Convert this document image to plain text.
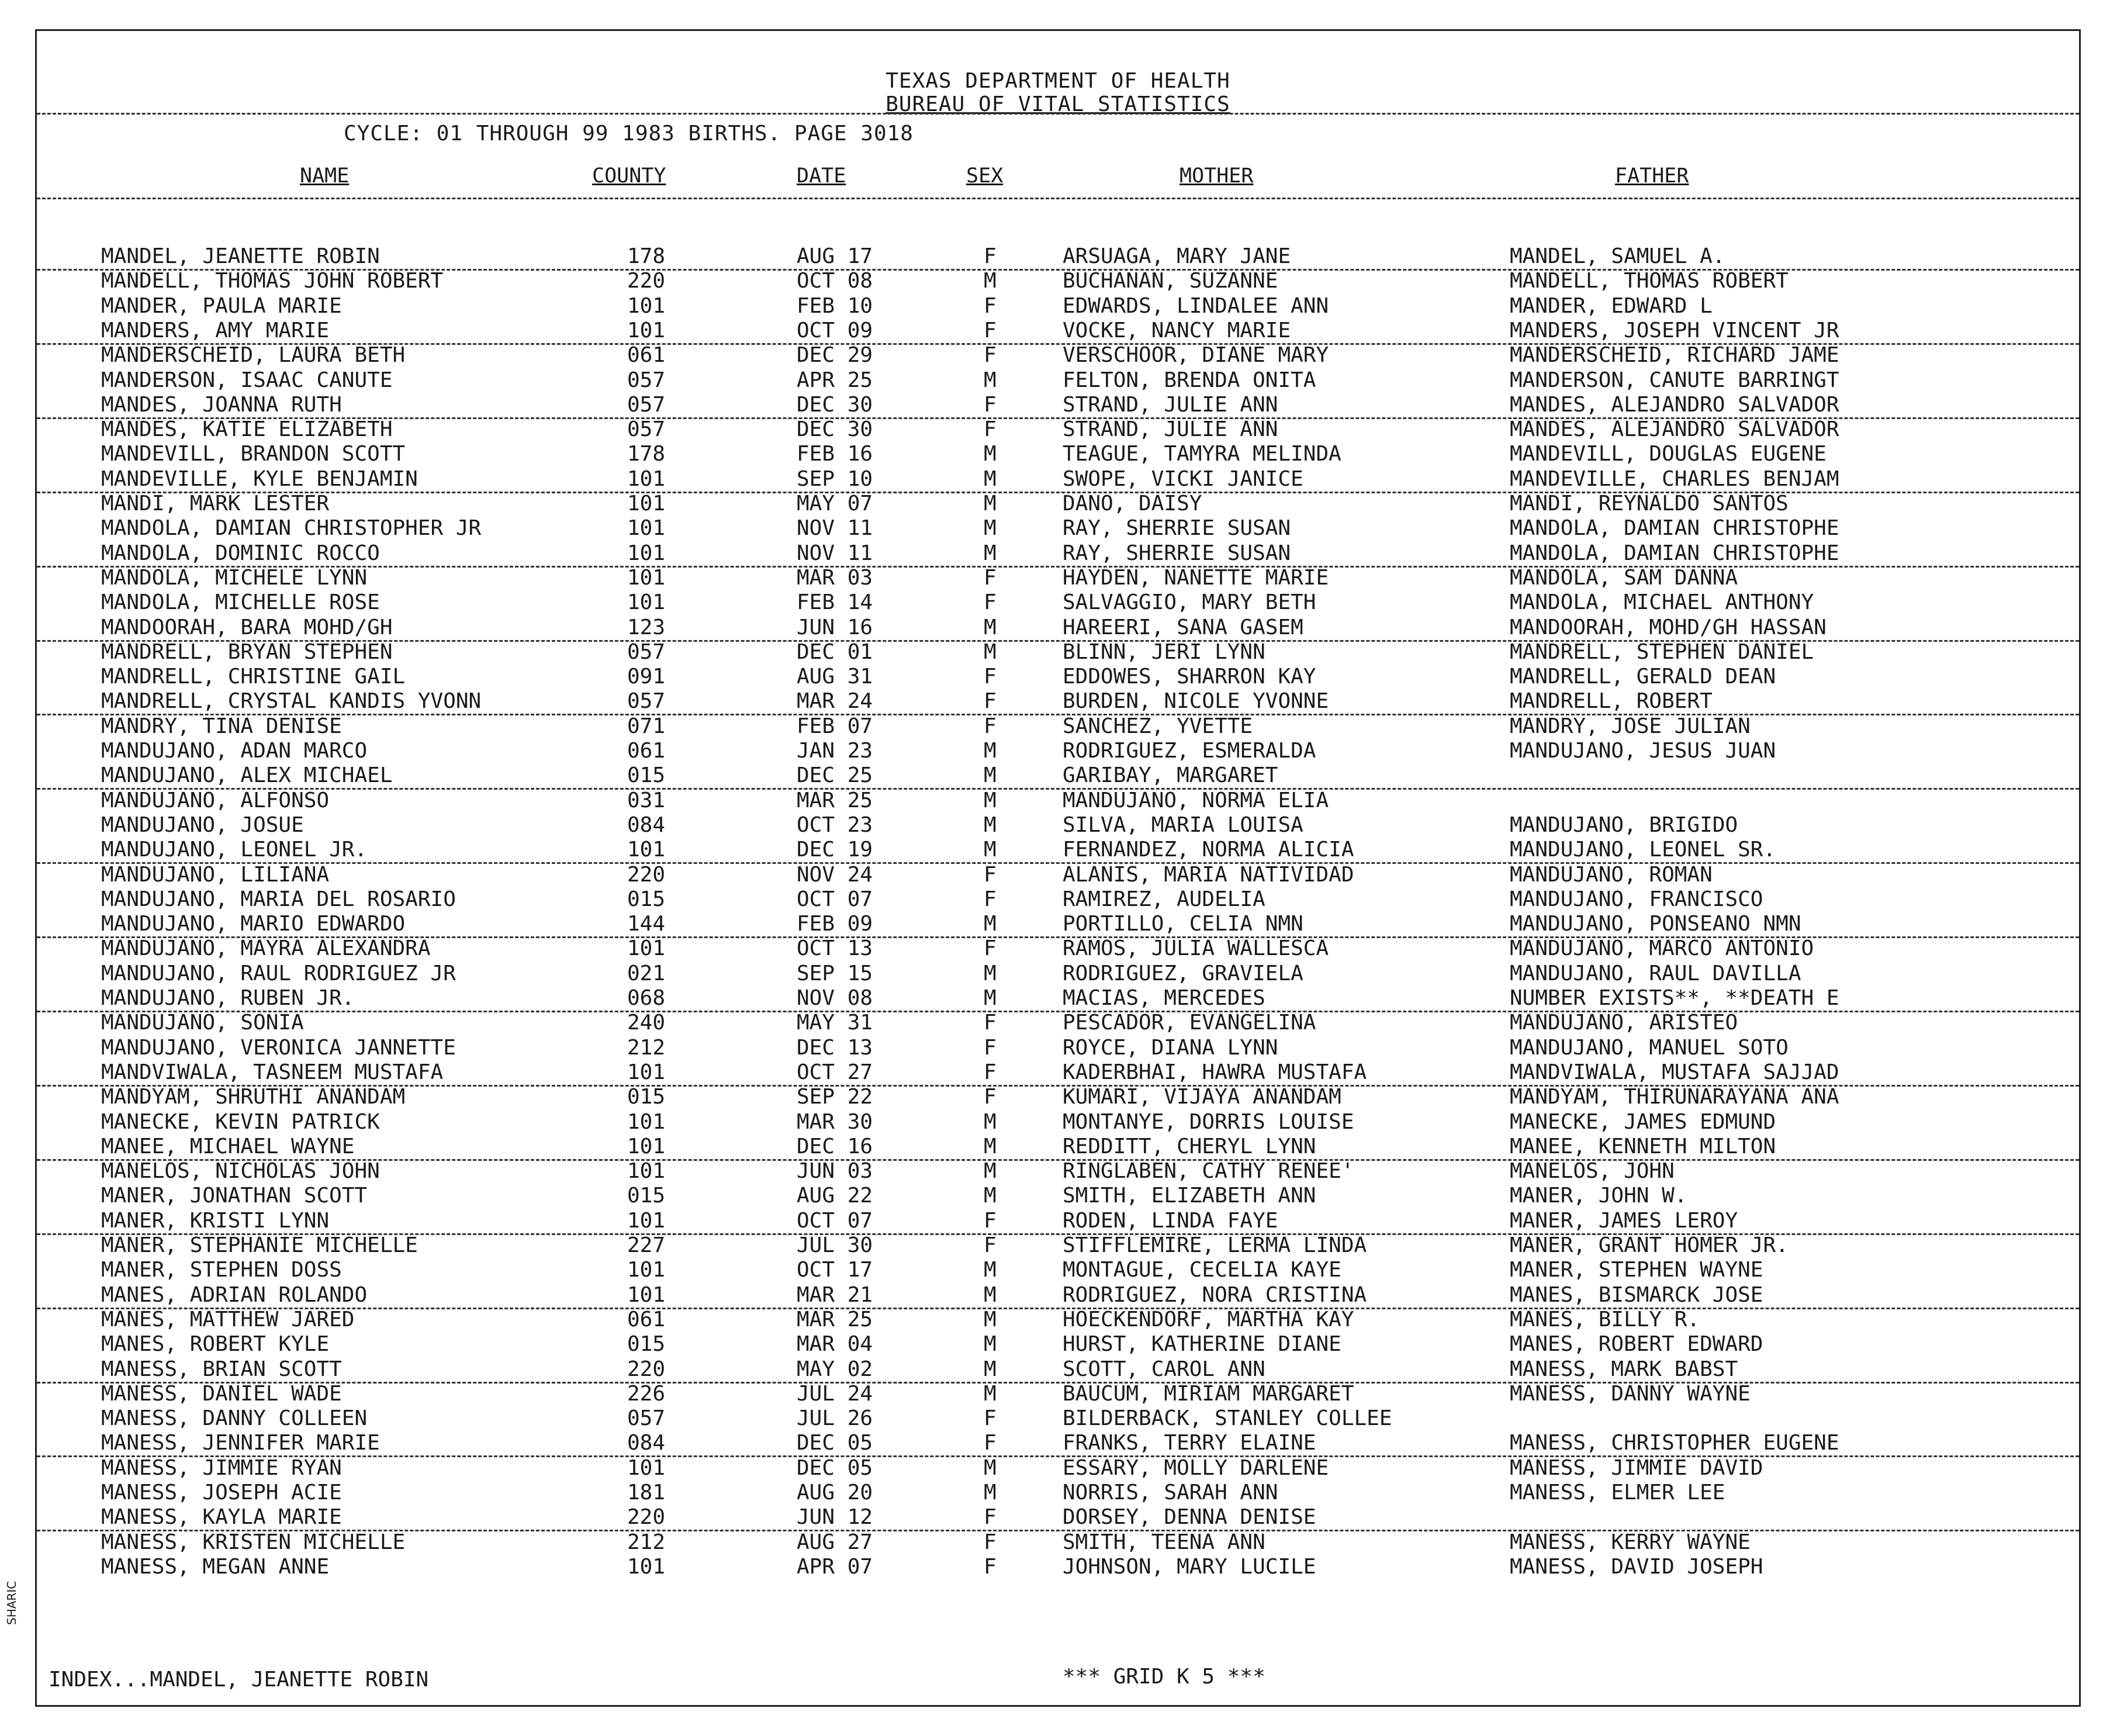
TEXAS DEPARTMENT OF HEALTH
BUREAU OF VITAL STATISTICS
CYCLE: 01 THROUGH 99 1983 BIRTHS. PAGE 3018
NAME	COUNTY	DATE	SEX	MOTHER	FATHER
MANDEL, JEANETTE ROBIN	178	AUG 17	F	ARSUAGA, MARY JANE	MANDEL, SAMUEL A.
MANDELL, THOMAS JOHN ROBERT	220	OCT 08	M	BUCHANAN, SUZANNE	MANDELL, THOMAS ROBERT
MANDER, PAULA MARIE	101	FEB 10	F	EDWARDS, LINDALEE ANN	MANDER, EDWARD L
MANDERS, AMY MARIE	101	OCT 09	F	VOCKE, NANCY MARIE	MANDERS, JOSEPH VINCENT JR
MANDERSCHEID, LAURA BETH	061	DEC 29	F	VERSCHOOR, DIANE MARY	MANDERSCHEID, RICHARD JAME
MANDERSON, ISAAC CANUTE	057	APR 25	M	FELTON, BRENDA ONITA	MANDERSON, CANUTE BARRINGT
MANDES, JOANNA RUTH	057	DEC 30	F	STRAND, JULIE ANN	MANDES, ALEJANDRO SALVADOR
MANDES, KATIE ELIZABETH	057	DEC 30	F	STRAND, JULIE ANN	MANDES, ALEJANDRO SALVADOR
MANDEVILL, BRANDON SCOTT	178	FEB 16	M	TEAGUE, TAMYRA MELINDA	MANDEVILL, DOUGLAS EUGENE
MANDEVILLE, KYLE BENJAMIN	101	SEP 10	M	SWOPE, VICKI JANICE	MANDEVILLE, CHARLES BENJAM
MANDI, MARK LESTER	101	MAY 07	M	DANO, DAISY	MANDI, REYNALDO SANTOS
MANDOLA, DAMIAN CHRISTOPHER JR	101	NOV 11	M	RAY, SHERRIE SUSAN	MANDOLA, DAMIAN CHRISTOPHE
MANDOLA, DOMINIC ROCCO	101	NOV 11	M	RAY, SHERRIE SUSAN	MANDOLA, DAMIAN CHRISTOPHE
MANDOLA, MICHELE LYNN	101	MAR 03	F	HAYDEN, NANETTE MARIE	MANDOLA, SAM DANNA
MANDOLA, MICHELLE ROSE	101	FEB 14	F	SALVAGGIO, MARY BETH	MANDOLA, MICHAEL ANTHONY
MANDOORAH, BARA MOHD/GH	123	JUN 16	M	HAREERI, SANA GASEM	MANDOORAH, MOHD/GH HASSAN
MANDRELL, BRYAN STEPHEN	057	DEC 01	M	BLINN, JERI LYNN	MANDRELL, STEPHEN DANIEL
MANDRELL, CHRISTINE GAIL	091	AUG 31	F	EDDOWES, SHARRON KAY	MANDRELL, GERALD DEAN
MANDRELL, CRYSTAL KANDIS YVONN	057	MAR 24	F	BURDEN, NICOLE YVONNE	MANDRELL, ROBERT
MANDRY, TINA DENISE	071	FEB 07	F	SANCHEZ, YVETTE	MANDRY, JOSE JULIAN
MANDUJANO, ADAN MARCO	061	JAN 23	M	RODRIGUEZ, ESMERALDA	MANDUJANO, JESUS JUAN
MANDUJANO, ALEX MICHAEL	015	DEC 25	M	GARIBAY, MARGARET
MANDUJANO, ALFONSO	031	MAR 25	M	MANDUJANO, NORMA ELIA
MANDUJANO, JOSUE	084	OCT 23	M	SILVA, MARIA LOUISA	MANDUJANO, BRIGIDO
MANDUJANO, LEONEL JR.	101	DEC 19	M	FERNANDEZ, NORMA ALICIA	MANDUJANO, LEONEL SR.
MANDUJANO, LILIANA	220	NOV 24	F	ALANIS, MARIA NATIVIDAD	MANDUJANO, ROMAN
MANDUJANO, MARIA DEL ROSARIO	015	OCT 07	F	RAMIREZ, AUDELIA	MANDUJANO, FRANCISCO
MANDUJANO, MARIO EDWARDO	144	FEB 09	M	PORTILLO, CELIA NMN	MANDUJANO, PONSEANO NMN
MANDUJANO, MAYRA ALEXANDRA	101	OCT 13	F	RAMOS, JULIA WALLESCA	MANDUJANO, MARCO ANTONIO
MANDUJANO, RAUL RODRIGUEZ JR	021	SEP 15	M	RODRIGUEZ, GRAVIELA	MANDUJANO, RAUL DAVILLA
MANDUJANO, RUBEN JR.	068	NOV 08	M	MACIAS, MERCEDES	NUMBER EXISTS**, **DEATH E
MANDUJANO, SONIA	240	MAY 31	F	PESCADOR, EVANGELINA	MANDUJANO, ARISTEO
MANDUJANO, VERONICA JANNETTE	212	DEC 13	F	ROYCE, DIANA LYNN	MANDUJANO, MANUEL SOTO
MANDVIWALA, TASNEEM MUSTAFA	101	OCT 27	F	KADERBHAI, HAWRA MUSTAFA	MANDVIWALA, MUSTAFA SAJJAD
MANDYAM, SHRUTHI ANANDAM	015	SEP 22	F	KUMARI, VIJAYA ANANDAM	MANDYAM, THIRUNARAYANA ANA
MANECKE, KEVIN PATRICK	101	MAR 30	M	MONTANYE, DORRIS LOUISE	MANECKE, JAMES EDMUND
MANEE, MICHAEL WAYNE	101	DEC 16	M	REDDITT, CHERYL LYNN	MANEE, KENNETH MILTON
MANELOS, NICHOLAS JOHN	101	JUN 03	M	RINGLABEN, CATHY RENEE'	MANELOS, JOHN
MANER, JONATHAN SCOTT	015	AUG 22	M	SMITH, ELIZABETH ANN	MANER, JOHN W.
MANER, KRISTI LYNN	101	OCT 07	F	RODEN, LINDA FAYE	MANER, JAMES LEROY
MANER, STEPHANIE MICHELLE	227	JUL 30	F	STIFFLEMIRE, LERMA LINDA	MANER, GRANT HOMER JR.
MANER, STEPHEN DOSS	101	OCT 17	M	MONTAGUE, CECELIA KAYE	MANER, STEPHEN WAYNE
MANES, ADRIAN ROLANDO	101	MAR 21	M	RODRIGUEZ, NORA CRISTINA	MANES, BISMARCK JOSE
MANES, MATTHEW JARED	061	MAR 25	M	HOECKENDORF, MARTHA KAY	MANES, BILLY R.
MANES, ROBERT KYLE	015	MAR 04	M	HURST, KATHERINE DIANE	MANES, ROBERT EDWARD
MANESS, BRIAN SCOTT	220	MAY 02	M	SCOTT, CAROL ANN	MANESS, MARK BABST
MANESS, DANIEL WADE	226	JUL 24	M	BAUCUM, MIRIAM MARGARET	MANESS, DANNY WAYNE
MANESS, DANNY COLLEEN	057	JUL 26	F	BILDERBACK, STANLEY COLLEE
MANESS, JENNIFER MARIE	084	DEC 05	F	FRANKS, TERRY ELAINE	MANESS, CHRISTOPHER EUGENE
MANESS, JIMMIE RYAN	101	DEC 05	M	ESSARY, MOLLY DARLENE	MANESS, JIMMIE DAVID
MANESS, JOSEPH ACIE	181	AUG 20	M	NORRIS, SARAH ANN	MANESS, ELMER LEE
MANESS, KAYLA MARIE	220	JUN 12	F	DORSEY, DENNA DENISE
MANESS, KRISTEN MICHELLE	212	AUG 27	F	SMITH, TEENA ANN	MANESS, KERRY WAYNE
MANESS, MEGAN ANNE	101	APR 07	F	JOHNSON, MARY LUCILE	MANESS, DAVID JOSEPH
INDEX...MANDEL, JEANETTE ROBIN	*** GRID K 5 ***
SHARIC
